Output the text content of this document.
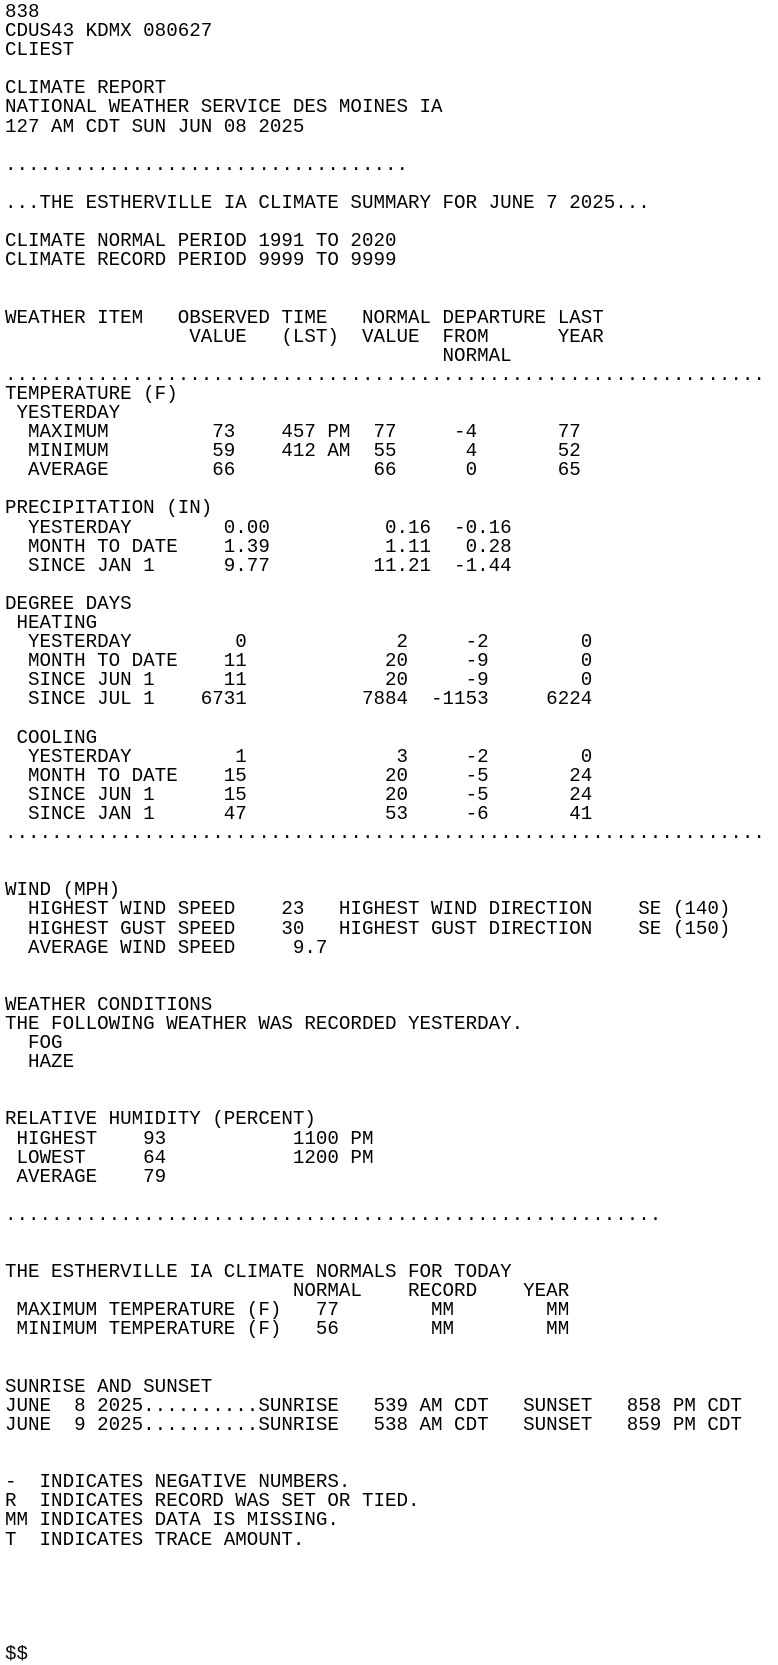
838
CDUS43 KDMX 080627
CLIEST

CLIMATE REPORT
NATIONAL WEATHER SERVICE DES MOINES IA
127 AM CDT SUN JUN 08 2025

...................................

...THE ESTHERVILLE IA CLIMATE SUMMARY FOR JUNE 7 2025...

CLIMATE NORMAL PERIOD 1991 TO 2020
CLIMATE RECORD PERIOD 9999 TO 9999

WEATHER ITEM   OBSERVED TIME   NORMAL DEPARTURE LAST
VALUE   (LST)  VALUE  FROM      YEAR
NORMAL
..................................................................
TEMPERATURE (F)
YESTERDAY
MAXIMUM         73    457 PM  77     -4       77
MINIMUM         59    412 AM  55      4       52
AVERAGE         66            66      0       65

PRECIPITATION (IN)
YESTERDAY        0.00          0.16  -0.16
MONTH TO DATE    1.39          1.11   0.28
SINCE JAN 1      9.77         11.21  -1.44

DEGREE DAYS
HEATING
YESTERDAY         0             2     -2        0
MONTH TO DATE    11            20     -9        0
SINCE JUN 1      11            20     -9        0
SINCE JUL 1    6731          7884  -1153     6224

COOLING
YESTERDAY         1             3     -2        0
MONTH TO DATE    15            20     -5       24
SINCE JUN 1      15            20     -5       24
SINCE JAN 1      47            53     -6       41
..................................................................

WIND (MPH)
HIGHEST WIND SPEED    23   HIGHEST WIND DIRECTION    SE (140)
HIGHEST GUST SPEED    30   HIGHEST GUST DIRECTION    SE (150)
AVERAGE WIND SPEED     9.7

WEATHER CONDITIONS
THE FOLLOWING WEATHER WAS RECORDED YESTERDAY.
FOG
HAZE

RELATIVE HUMIDITY (PERCENT)
HIGHEST    93           1100 PM
LOWEST     64           1200 PM
AVERAGE    79

.........................................................

THE ESTHERVILLE IA CLIMATE NORMALS FOR TODAY
NORMAL    RECORD    YEAR
MAXIMUM TEMPERATURE (F)   77        MM        MM
MINIMUM TEMPERATURE (F)   56        MM        MM

SUNRISE AND SUNSET
JUNE  8 2025..........SUNRISE   539 AM CDT   SUNSET   858 PM CDT
JUNE  9 2025..........SUNRISE   538 AM CDT   SUNSET   859 PM CDT

-  INDICATES NEGATIVE NUMBERS.
R  INDICATES RECORD WAS SET OR TIED.
MM INDICATES DATA IS MISSING.
T  INDICATES TRACE AMOUNT.

$$
